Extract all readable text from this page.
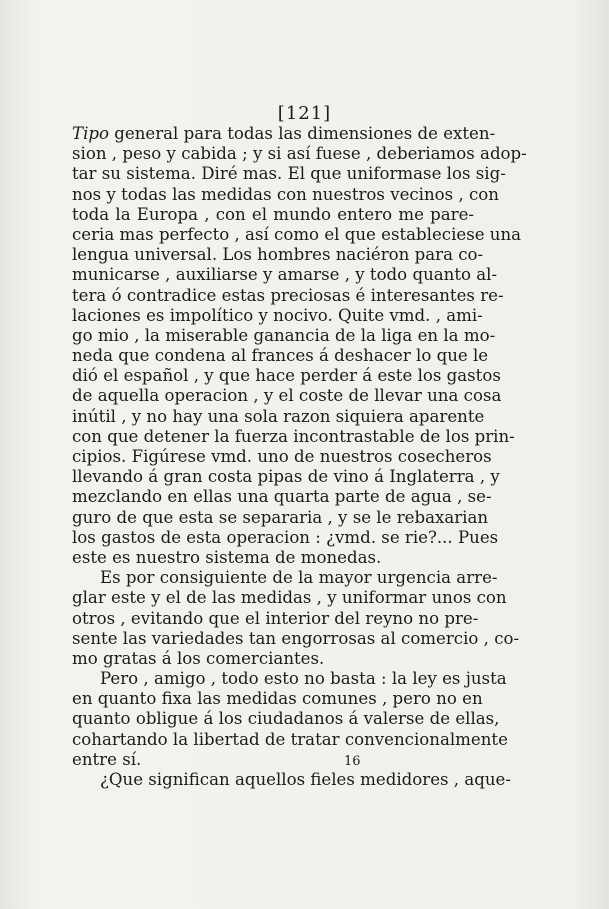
[121]
Tipo general para todas las dimensiones de exten-
sion , peso y cabida ; y si así fuese , deberiamos adop-
tar su sistema. Diré mas. El que uniformase los sig-
nos y todas las medidas con nuestros vecinos , con
toda la Europa , con el mundo entero me pare-
ceria mas perfecto , así como el que estableciese una
lengua universal. Los hombres naciéron para co-
municarse , auxiliarse y amarse , y todo quanto al-
tera ó contradice estas preciosas é interesantes re-
laciones es impolítico y nocivo. Quite vmd. , ami-
go mio , la miserable ganancia de la liga en la mo-
neda que condena al frances á deshacer lo que le
dió el español , y que hace perder á este los gastos
de aquella operacion , y el coste de llevar una cosa
inútil , y no hay una sola razon siquiera aparente
con que detener la fuerza incontrastable de los prin-
cipios. Figúrese vmd. uno de nuestros cosecheros
llevando á gran costa pipas de vino á Inglaterra , y
mezclando en ellas una quarta parte de agua , se-
guro de que esta se separaria , y se le rebaxarian
los gastos de esta operacion : ¿vmd. se rie?... Pues
este es nuestro sistema de monedas.
Es por consiguiente de la mayor urgencia arre-
glar este y el de las medidas , y uniformar unos con
otros , evitando que el interior del reyno no pre-
sente las variedades tan engorrosas al comercio , co-
mo gratas á los comerciantes.
Pero , amigo , todo esto no basta : la ley es justa
en quanto fixa las medidas comunes , pero no en
quanto obligue á los ciudadanos á valerse de ellas,
cohartando la libertad de tratar convencionalmente
entre sí.
¿Que significan aquellos fieles medidores , aque-
16
